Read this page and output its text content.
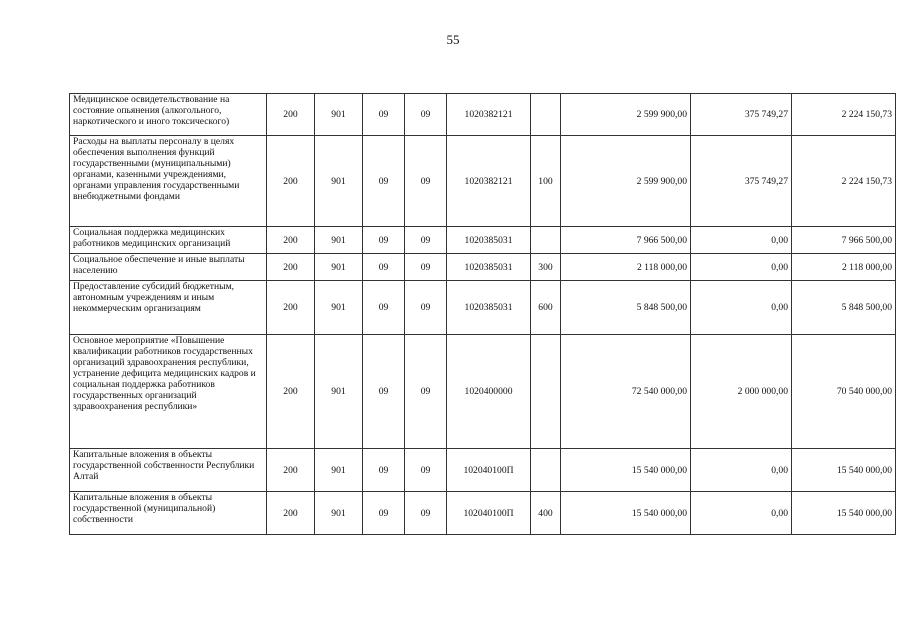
55
Медицинское освидетельствование на состояние опьянения (алкогольного, наркотического и иного токсического)	200	901	09	09	1020382121		2 599 900,00	375 749,27	2 224 150,73
Расходы на выплаты персоналу в целях обеспечения выполнения функций государственными (муниципальными) органами, казенными учреждениями, органами управления государственными внебюджетными фондами	200	901	09	09	1020382121	100	2 599 900,00	375 749,27	2 224 150,73
Социальная поддержка медицинских работников медицинских организаций	200	901	09	09	1020385031		7 966 500,00	0,00	7 966 500,00
Социальное обеспечение и иные выплаты населению	200	901	09	09	1020385031	300	2 118 000,00	0,00	2 118 000,00
Предоставление субсидий бюджетным, автономным учреждениям и иным некоммерческим организациям	200	901	09	09	1020385031	600	5 848 500,00	0,00	5 848 500,00
Основное мероприятие «Повышение квалификации работников государственных организаций здравоохранения республики, устранение дефицита медицинских кадров и социальная поддержка работников государственных организаций здравоохранения республики»	200	901	09	09	1020400000		72 540 000,00	2 000 000,00	70 540 000,00
Капитальные вложения в объекты государственной собственности Республики Алтай	200	901	09	09	102040100П		15 540 000,00	0,00	15 540 000,00
Капитальные вложения в объекты государственной (муниципальной) собственности	200	901	09	09	102040100П	400	15 540 000,00	0,00	15 540 000,00
